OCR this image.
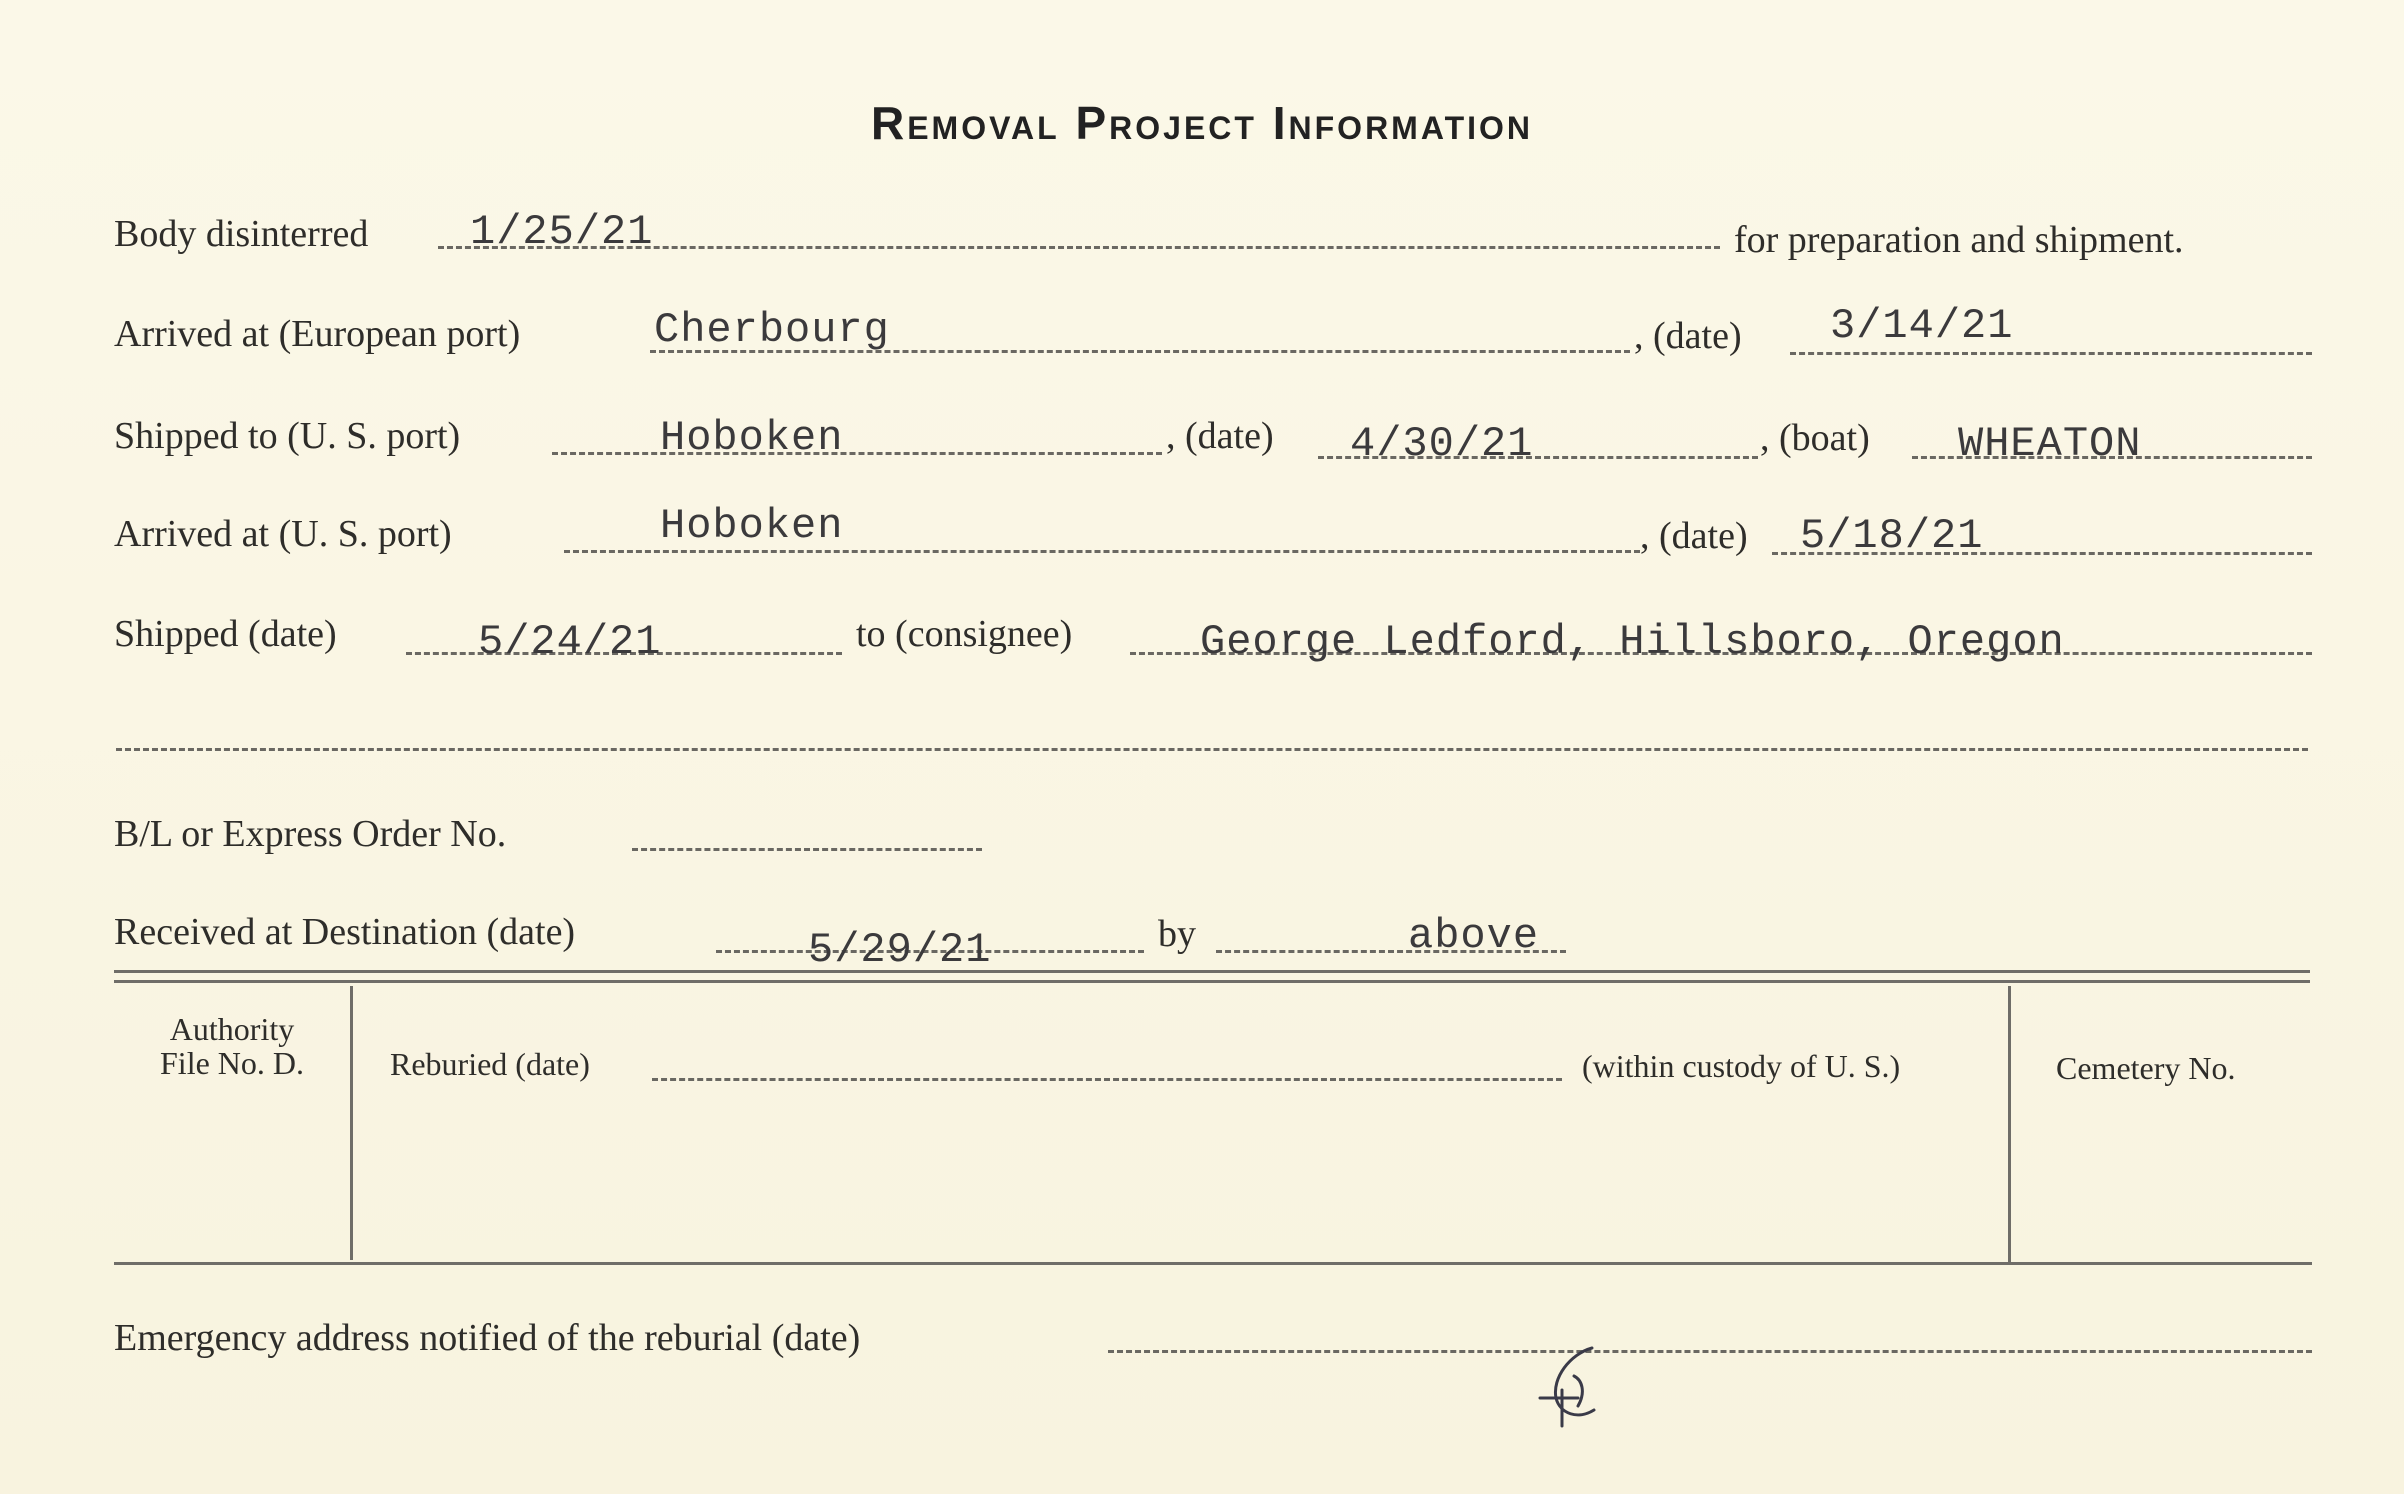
Removal Project Information
Body disinterred 1/25/21	for preparation and shipment.
Arrived at (European port)	Cherbourg	, (date) 3/14/21
Shipped to (U. S. port)	Hoboken	, (date) 4/30/21	, (boat) WHEATON
Arrived at (U. S. port)	Hoboken	, (date) 5/18/21
Shipped (date)	5/24/21	to (consignee)	George Ledford, Hillsboro, Oregon
B/L or Express Order No.
Received at Destination (date)	5/29/21	by	above
Authority
File No. D.	Reburied (date)	(within custody of U. S.)	Cemetery No.
Emergency address notified of the reburial (date)
